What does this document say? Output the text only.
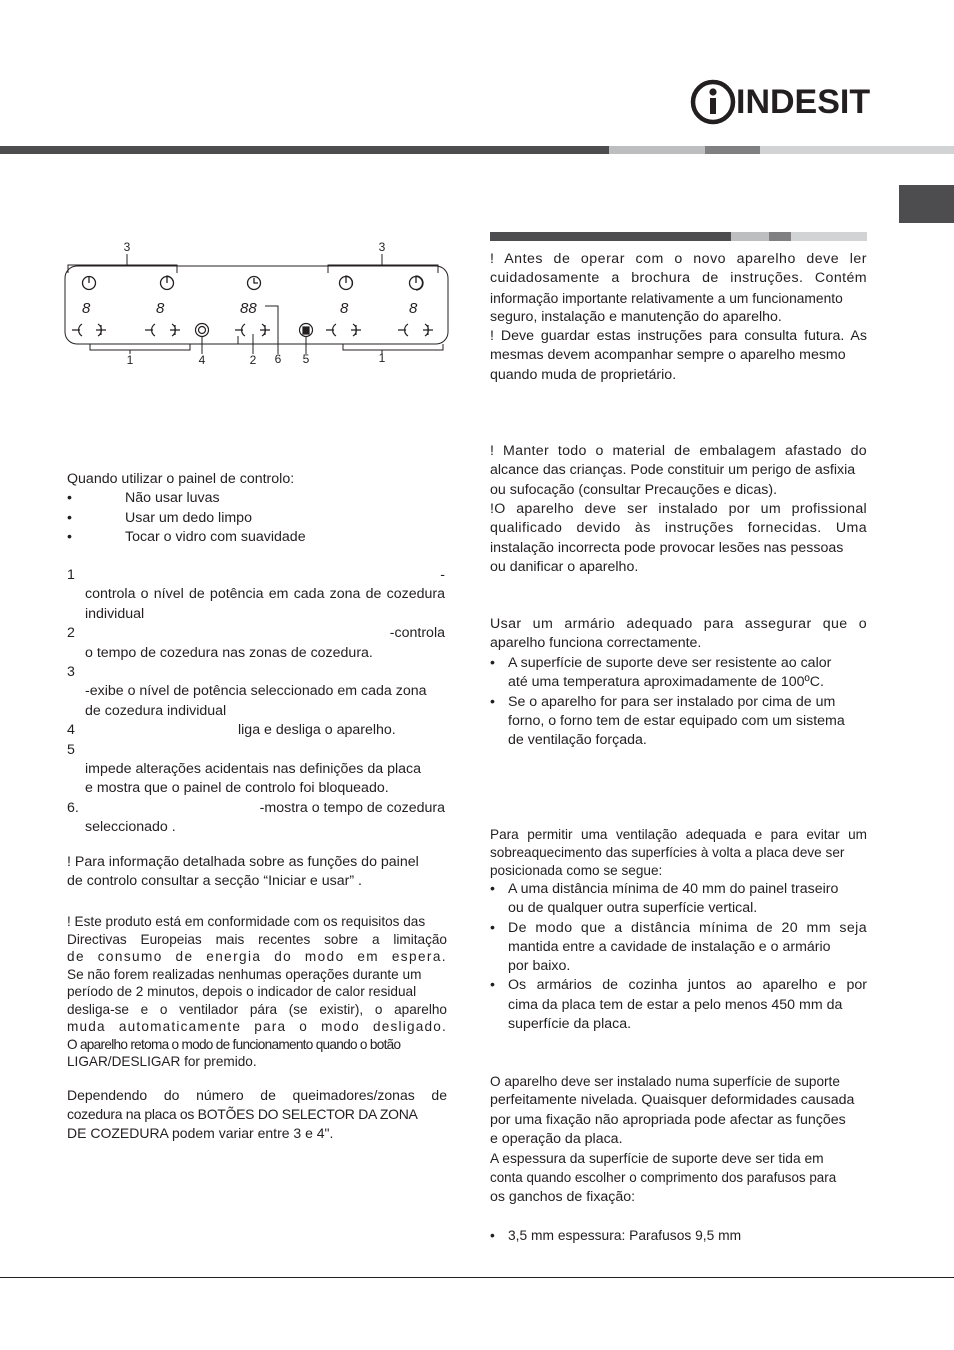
INDESIT
8	8	88	8	8
3	3
1	4	2 6 5	1

Quando utilizar o painel de controlo:

•	Não usar luvas
•	Usar um dedo limpo
•	Tocar o vidro com suavidade
1	-
controla o nível de potência em cada zona de cozedura
individual
2	-controla
o tempo de cozedura nas zonas de cozedura.
3
-exibe o nível de potência seleccionado em cada zona
de cozedura individual
4	liga e desliga o aparelho.
5
impede alterações acidentais nas definições da placa
e mostra que o painel de controlo foi bloqueado.
6.	-mostra o tempo de cozedura
seleccionado .

! Para informação detalhada sobre as funções do painel

de controlo consultar a secção “Iniciar e usar” .

! Este produto está em conformidade com os requisitos das

Directivas Europeias mais recentes sobre a limitação

de consumo de energia do modo em espera.

Se não forem realizadas nenhumas operações durante um

período de 2 minutos, depois o indicador de calor residual

desliga-se e o ventilador pára (se existir), o aparelho

muda automaticamente para o modo desligado.

O aparelho retoma o modo de funcionamento quando o botão

LIGAR/DESLIGAR for premido.

Dependendo do número de queimadores/zonas de

cozedura na placa os BOTÕES DO SELECTOR DA ZONA

DE COZEDURA podem variar entre 3 e 4".

! Antes de operar com o novo aparelho deve ler

cuidadosamente a brochura de instruções. Contém

informação importante relativamente a um funcionamento

seguro, instalação e manutenção do aparelho.

! Deve guardar estas instruções para consulta futura. As

mesmas devem acompanhar sempre o aparelho mesmo

quando muda de proprietário.

! Manter todo o material de embalagem afastado do

alcance das crianças. Pode constituir um perigo de asfixia

ou sufocação (consultar Precauções e dicas).

!O aparelho deve ser instalado por um profissional

qualificado devido às instruções fornecidas. Uma

instalação incorrecta pode provocar lesões nas pessoas

ou danificar o aparelho.

Usar um armário adequado para assegurar que o

aparelho funciona correctamente.

• A superfície de suporte deve ser resistente ao calor
até uma temperatura aproximadamente de 100ºC.
• Se o aparelho for para ser instalado por cima de um
forno, o forno tem de estar equipado com um sistema
de ventilação forçada.

Para permitir uma ventilação adequada e para evitar um

sobreaquecimento das superfícies à volta a placa deve ser

posicionada como se segue:

• A uma distância mínima de 40 mm do painel traseiro
ou de qualquer outra superfície vertical.
• De modo que a distância mínima de 20 mm seja
mantida entre a cavidade de instalação e o armário
por baixo.
• Os armários de cozinha juntos ao aparelho e por
cima da placa tem de estar a pelo menos 450 mm da
superfície da placa.

O aparelho deve ser instalado numa superfície de suporte

perfeitamente nivelada. Quaisquer deformidades causada

por uma fixação não apropriada pode afectar as funções

e operação da placa.

A espessura da superfície de suporte deve ser tida em

conta quando escolher o comprimento dos parafusos para

os ganchos de fixação:

• 3,5 mm espessura: Parafusos 9,5 mm
